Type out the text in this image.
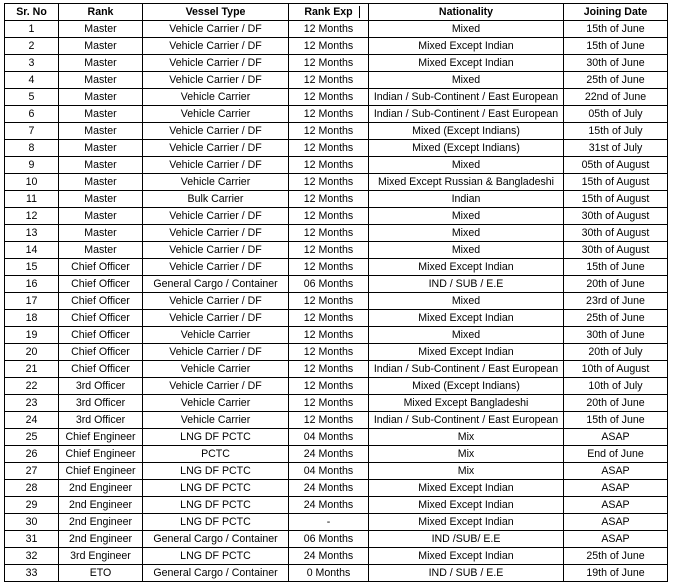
Sr. No	Rank	Vessel Type	Rank Exp	Nationality	Joining Date
1	Master	Vehicle Carrier / DF	12 Months	Mixed	15th of June
2	Master	Vehicle Carrier / DF	12 Months	Mixed Except Indian	15th of June
3	Master	Vehicle Carrier / DF	12 Months	Mixed Except Indian	30th of June
4	Master	Vehicle Carrier / DF	12 Months	Mixed	25th of June
5	Master	Vehicle Carrier	12 Months	Indian / Sub-Continent / East European	22nd of June
6	Master	Vehicle Carrier	12 Months	Indian / Sub-Continent / East European	05th of July
7	Master	Vehicle Carrier / DF	12 Months	Mixed (Except Indians)	15th of July
8	Master	Vehicle Carrier / DF	12 Months	Mixed (Except Indians)	31st of July
9	Master	Vehicle Carrier / DF	12 Months	Mixed	05th of August
10	Master	Vehicle Carrier	12 Months	Mixed Except Russian & Bangladeshi	15th of August
11	Master	Bulk Carrier	12 Months	Indian	15th of August
12	Master	Vehicle Carrier / DF	12 Months	Mixed	30th of August
13	Master	Vehicle Carrier / DF	12 Months	Mixed	30th of August
14	Master	Vehicle Carrier / DF	12 Months	Mixed	30th of August
15	Chief Officer	Vehicle Carrier / DF	12 Months	Mixed Except Indian	15th of June
16	Chief Officer	General Cargo / Container	06 Months	IND / SUB / E.E	20th of June
17	Chief Officer	Vehicle Carrier / DF	12 Months	Mixed	23rd of June
18	Chief Officer	Vehicle Carrier / DF	12 Months	Mixed Except Indian	25th of June
19	Chief Officer	Vehicle Carrier	12 Months	Mixed	30th of June
20	Chief Officer	Vehicle Carrier / DF	12 Months	Mixed Except Indian	20th of July
21	Chief Officer	Vehicle Carrier	12 Months	Indian / Sub-Continent / East European	10th of August
22	3rd Officer	Vehicle Carrier / DF	12 Months	Mixed (Except Indians)	10th of July
23	3rd Officer	Vehicle Carrier	12 Months	Mixed Except Bangladeshi	20th of June
24	3rd Officer	Vehicle Carrier	12 Months	Indian / Sub-Continent / East European	15th of June
25	Chief Engineer	LNG DF PCTC	04 Months	Mix	ASAP
26	Chief Engineer	PCTC	24 Months	Mix	End of June
27	Chief Engineer	LNG DF PCTC	04 Months	Mix	ASAP
28	2nd Engineer	LNG DF PCTC	24 Months	Mixed Except Indian	ASAP
29	2nd Engineer	LNG DF PCTC	24 Months	Mixed Except Indian	ASAP
30	2nd Engineer	LNG DF PCTC	-	Mixed Except Indian	ASAP
31	2nd Engineer	General Cargo / Container	06 Months	IND /SUB/ E.E	ASAP
32	3rd Engineer	LNG DF PCTC	24 Months	Mixed Except Indian	25th of June
33	ETO	General Cargo / Container	0 Months	IND / SUB / E.E	19th of June
